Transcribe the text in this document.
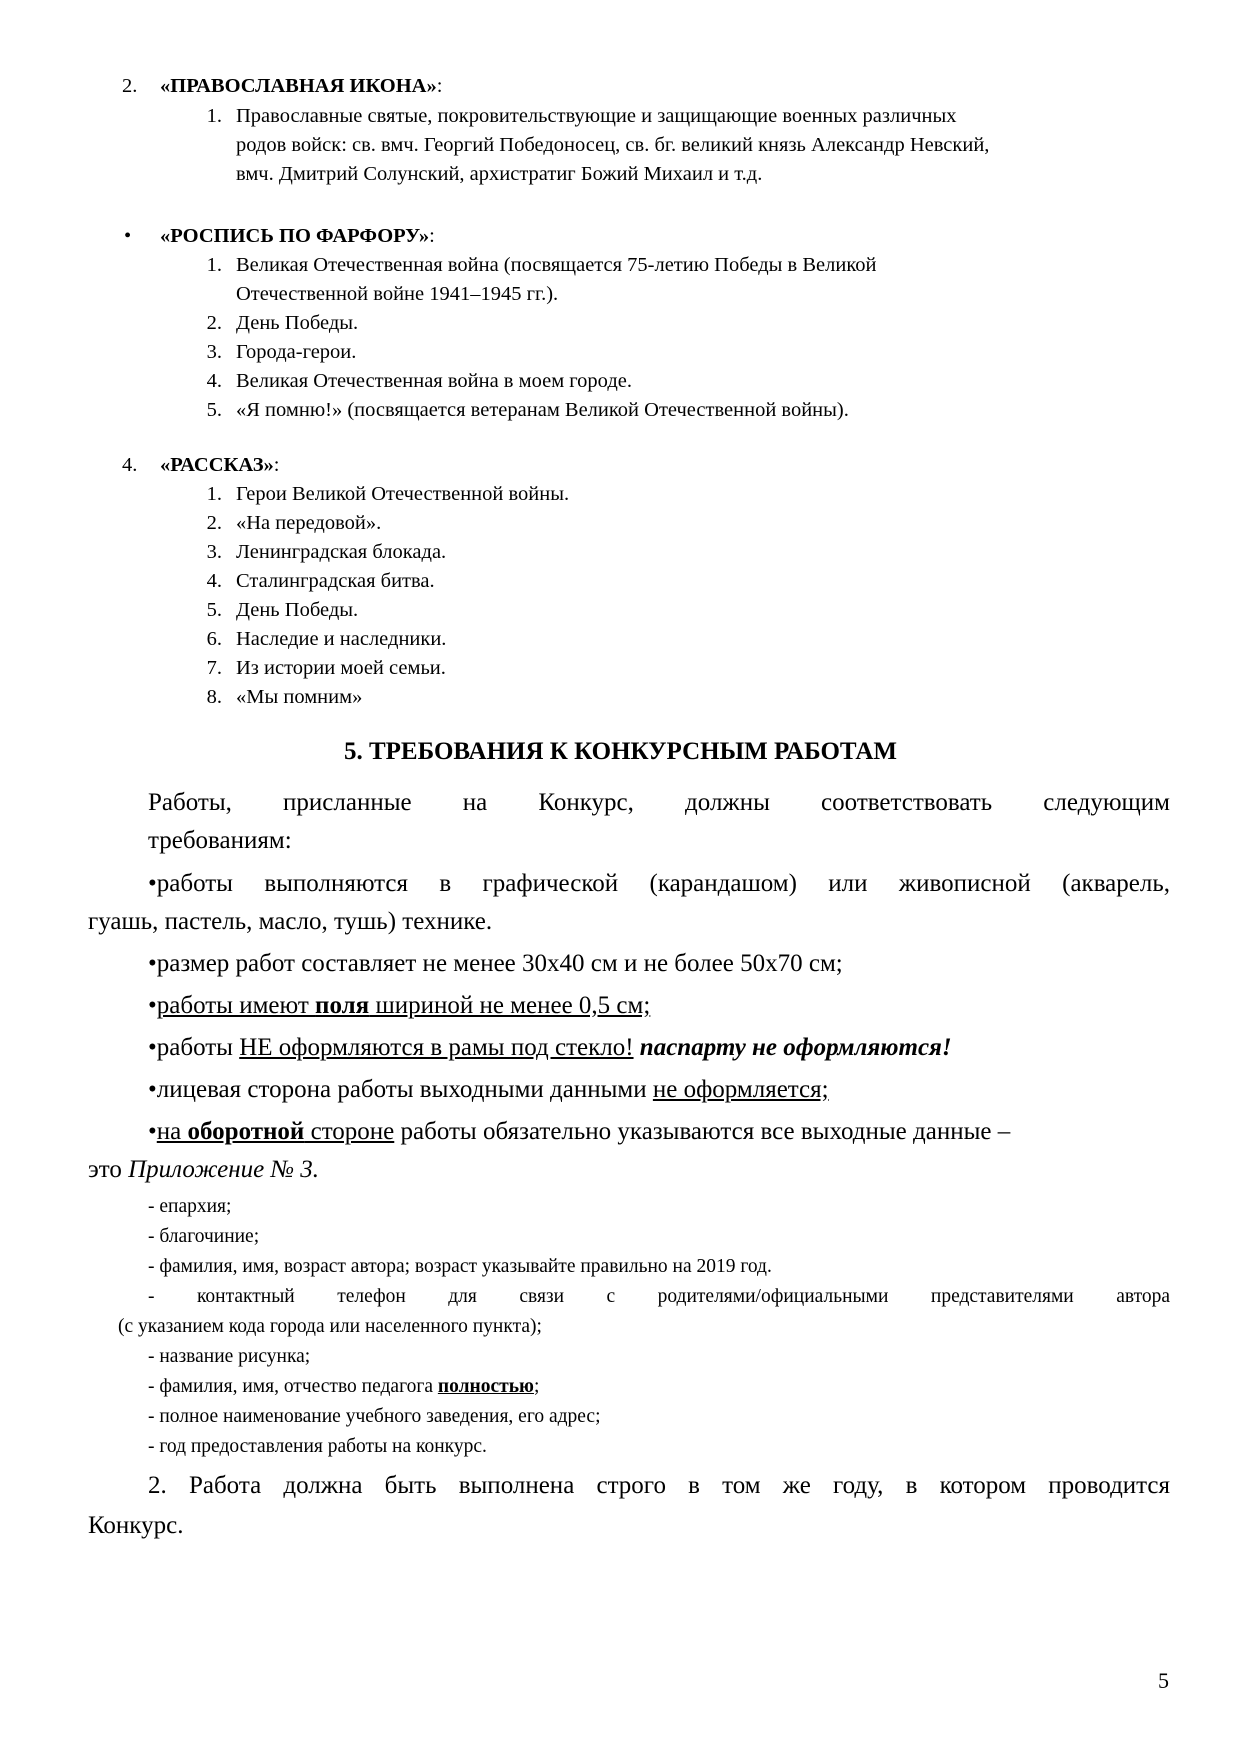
2. «ПРАВОСЛАВНАЯ ИКОНА»:
1. Православные святые, покровительствующие и защищающие военных различных
родов войск: св. вмч. Георгий Победоносец, св. бг. великий князь Александр Невский,
вмч. Дмитрий Солунский, архистратиг Божий Михаил и т.д.
• «РОСПИСЬ ПО ФАРФОРУ»:
1. Великая Отечественная война (посвящается 75-летию Победы в Великой
Отечественной войне 1941–1945 гг.).
2. День Победы.
3. Города-герои.
4. Великая Отечественная война в моем городе.
5. «Я помню!» (посвящается ветеранам Великой Отечественной войны).
4. «РАССКАЗ»:
1. Герои Великой Отечественной войны.
2. «На передовой».
3. Ленинградская блокада.
4. Сталинградская битва.
5. День Победы.
6. Наследие и наследники.
7. Из истории моей семьи.
8. «Мы помним»
5. ТРЕБОВАНИЯ К КОНКУРСНЫМ РАБОТАМ
Работы, присланные на Конкурс, должны соответствовать следующим
требованиям:
•работы выполняются в графической (карандашом) или живописной (акварель,
гуашь, пастель, масло, тушь) технике.
•размер работ составляет не менее 30х40 см и не более 50х70 см;
•работы имеют поля шириной не менее 0,5 см;
•работы НЕ оформляются в рамы под стекло! паспарту не оформляются!
•лицевая сторона работы выходными данными не оформляется;
•на оборотной стороне работы обязательно указываются все выходные данные –
это Приложение № 3.
- епархия;
- благочиние;
- фамилия, имя, возраст автора; возраст указывайте правильно на 2019 год.
- контактный телефон для связи с родителями/официальными представителями автора
(с указанием кода города или населенного пункта);
- название рисунка;
- фамилия, имя, отчество педагога полностью;
- полное наименование учебного заведения, его адрес;
- год предоставления работы на конкурс.
2. Работа должна быть выполнена строго в том же году, в котором проводится
Конкурс.
5
